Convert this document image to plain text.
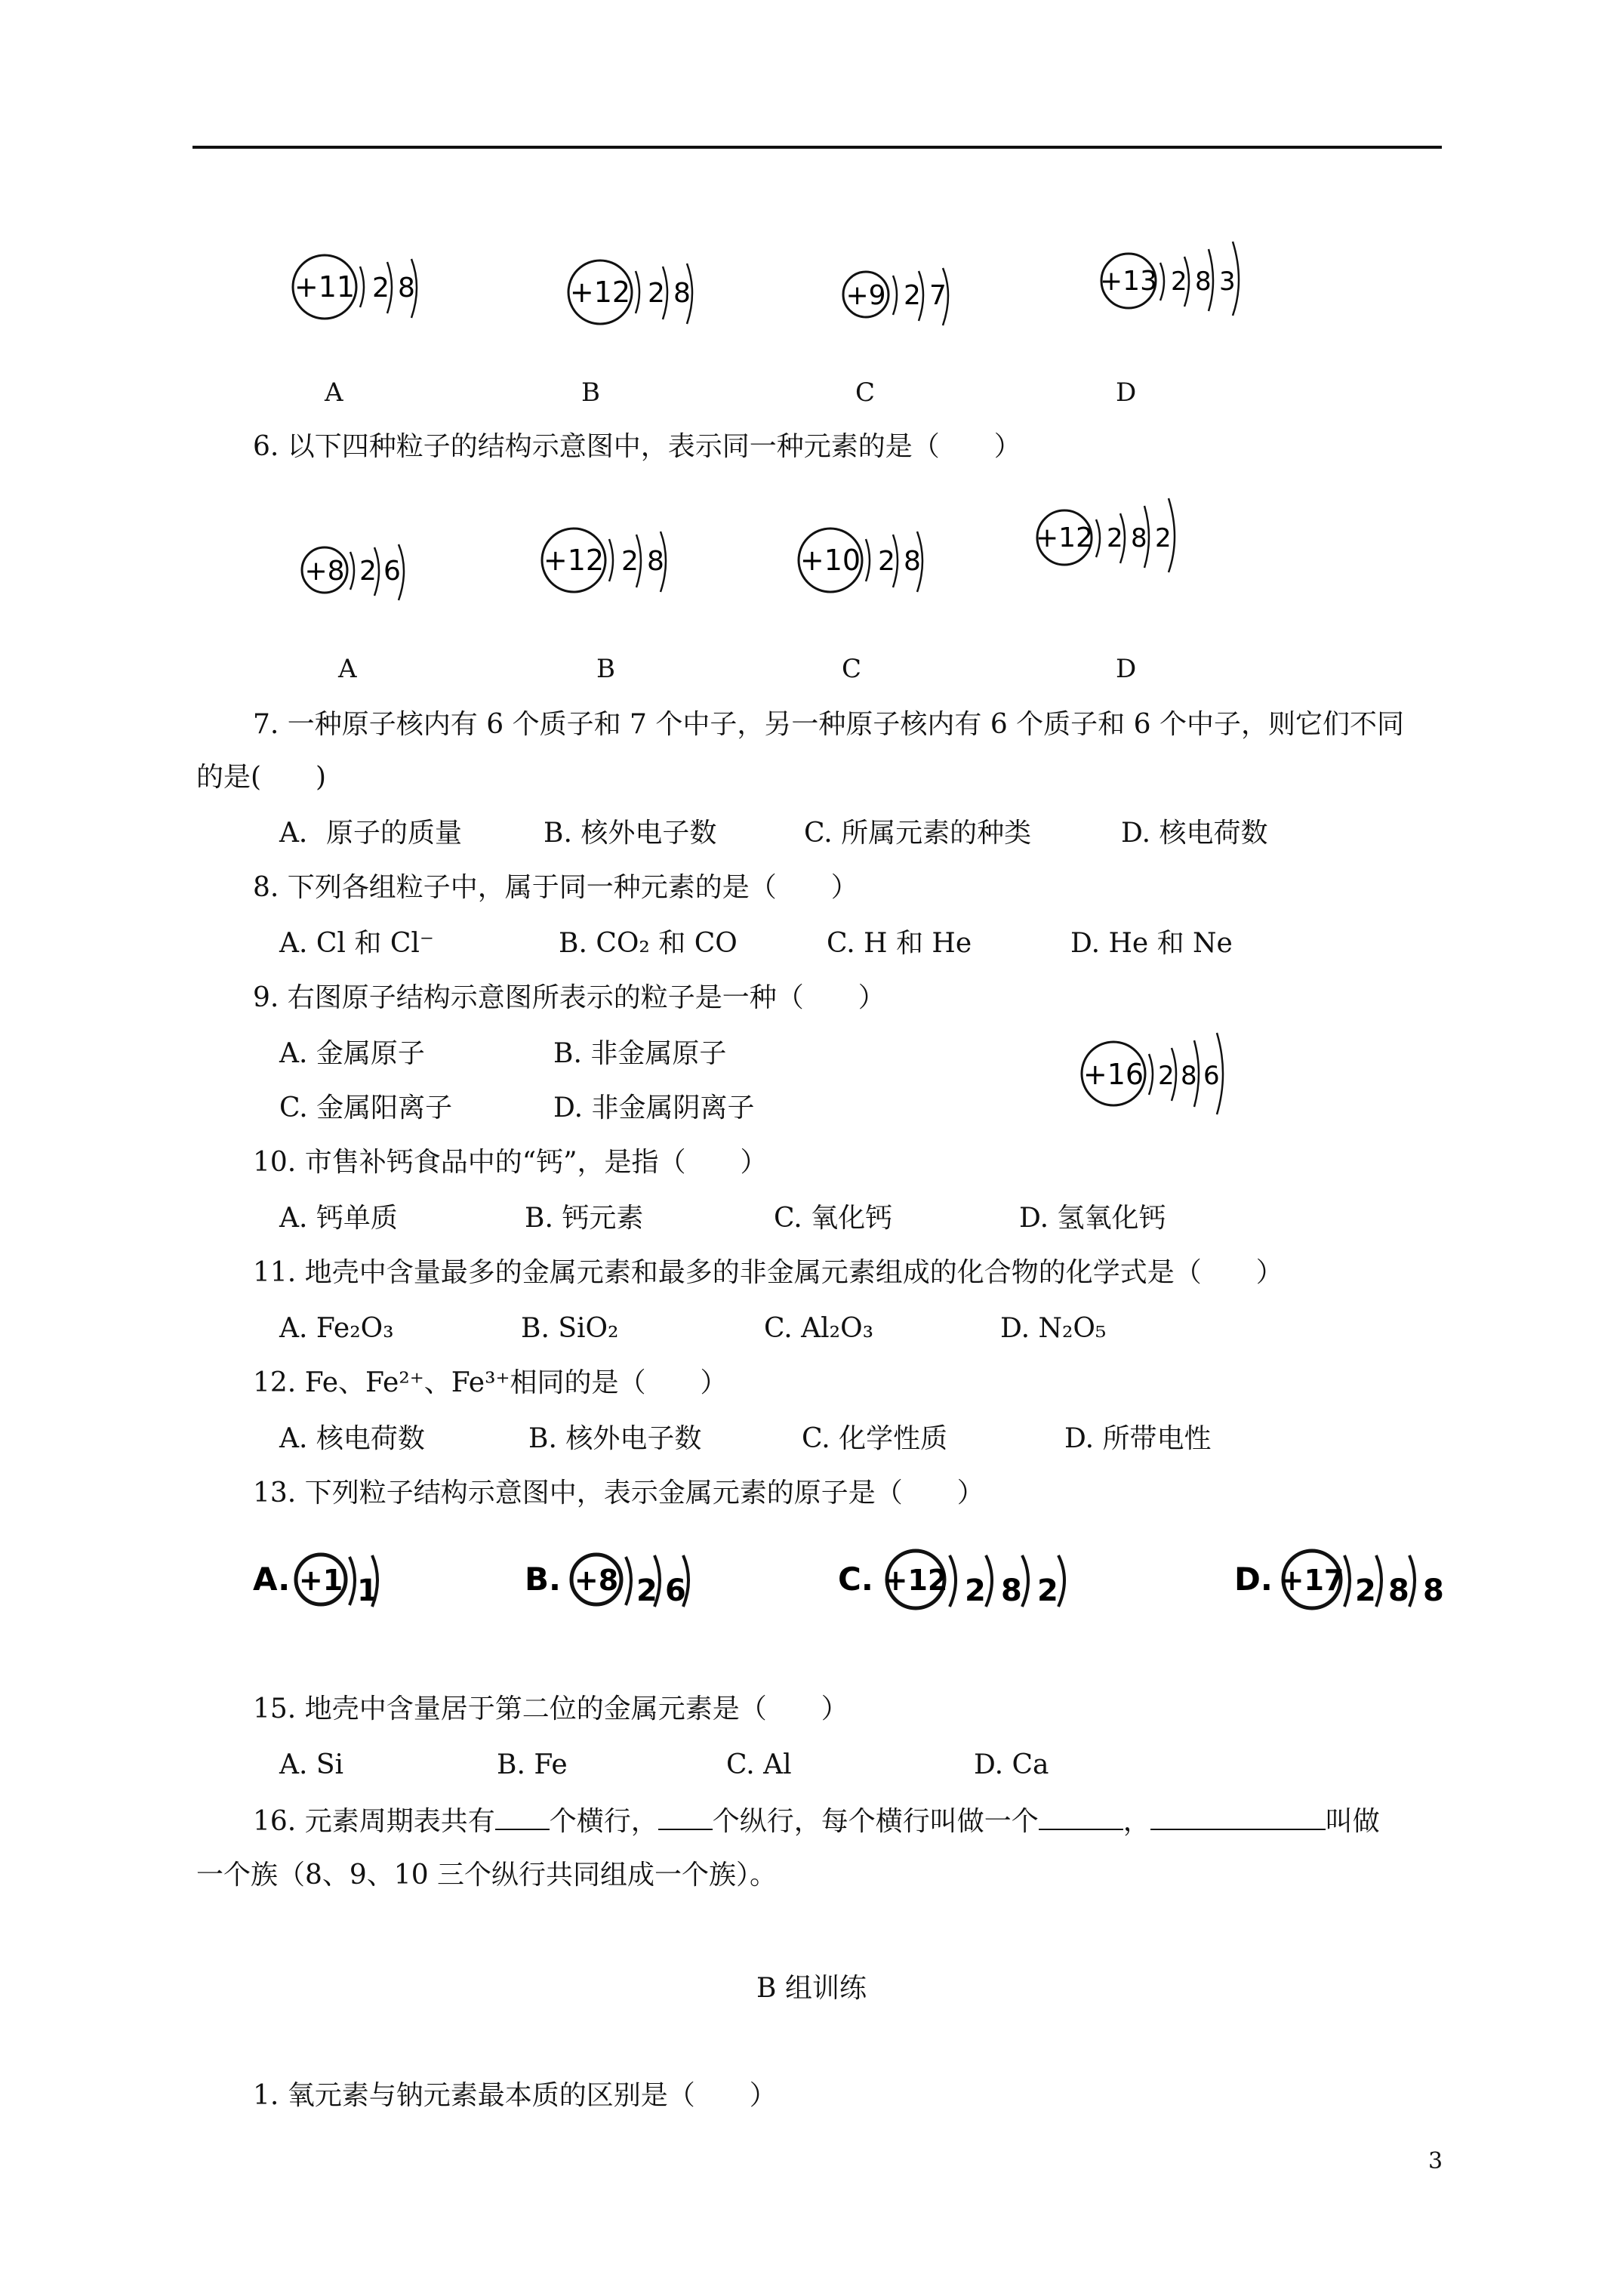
+11 2 8	+12 2 8	+9 2 7	+13 2 8 3
A	B	C	D
6. 以下四种粒子的结构示意图中，表示同一种元素的是（　　）
+8 2 6	+12 2 8	+10 2 8
+12 2 8 2
A	B	C	D
7. 一种原子核内有 6 个质子和 7 个中子，另一种原子核内有 6 个质子和 6 个中子，则它们不同
的是(　　)
A．原子的质量	B. 核外电子数	C. 所属元素的种类	D. 核电荷数
8. 下列各组粒子中，属于同一种元素的是（　　）
A. Cl 和 Cl⁻	B. CO₂ 和 CO	C. H 和 He	D. He 和 Ne
9. 右图原子结构示意图所表示的粒子是一种（　　）
A. 金属原子	B. 非金属原子
C. 金属阳离子	D. 非金属阴离子
+16 2 8 6
10. 市售补钙食品中的“钙”，是指（　　）
A. 钙单质	B. 钙元素	C. 氧化钙	D. 氢氧化钙
11. 地壳中含量最多的金属元素和最多的非金属元素组成的化合物的化学式是（　　）
A. Fe₂O₃	B. SiO₂	C. Al₂O₃	D. N₂O₅
12. Fe、Fe²⁺、Fe³⁺相同的是（　　）
A. 核电荷数	B. 核外电子数	C. 化学性质	D. 所带电性
13. 下列粒子结构示意图中，表示金属元素的原子是（　　）
A. +1 1	B. +8 2 6	C. +12 2 8 2	D. +17 2 8 8
15. 地壳中含量居于第二位的金属元素是（　　）
A. Si	B. Fe	C. Al	D. Ca
16. 元素周期表共有 个横行， 个纵行，每个横行叫做一个	，	叫做
一个族（8、9、10 三个纵行共同组成一个族）。
B 组训练
1. 氧元素与钠元素最本质的区别是（　　）
3
